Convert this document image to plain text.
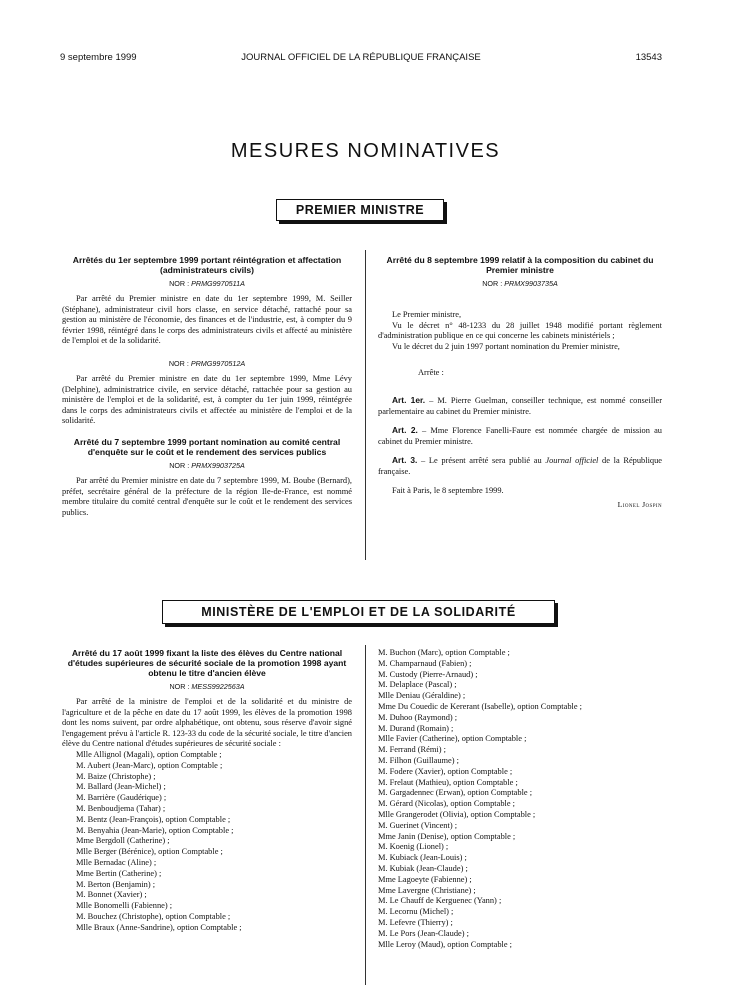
9 septembre 1999	JOURNAL OFFICIEL DE LA RÉPUBLIQUE FRANÇAISE	13543
MESURES NOMINATIVES
PREMIER MINISTRE
Arrêtés du 1er septembre 1999 portant réintégration et affectation (administrateurs civils)
NOR : PRMG9970511A

Par arrêté du Premier ministre en date du 1er septembre 1999, M. Seiller (Stéphane), administrateur civil hors classe, en service détaché, rattaché pour sa gestion au ministère de l'économie, des finances et de l'industrie, est, à compter du 9 février 1998, réintégré dans le corps des administrateurs civils et affecté au ministère de l'emploi et de la solidarité.

NOR : PRMG9970512A

Par arrêté du Premier ministre en date du 1er septembre 1999, Mme Lévy (Delphine), administratrice civile, en service détaché, rattachée pour sa gestion au ministère de l'emploi et de la solidarité, est, à compter du 1er juin 1999, réintégrée dans le corps des administrateurs civils et affectée au ministère de l'emploi et de la solidarité.

Arrêté du 7 septembre 1999 portant nomination au comité central d'enquête sur le coût et le rendement des services publics
NOR : PRMX9903725A

Par arrêté du Premier ministre en date du 7 septembre 1999, M. Boube (Bernard), préfet, secrétaire général de la préfecture de la région Ile-de-France, est nommé membre titulaire du comité central d'enquête sur le coût et le rendement des services publics.

Arrêté du 8 septembre 1999 relatif à la composition du cabinet du Premier ministre
NOR : PRMX9903735A

Le Premier ministre,

Vu le décret n° 48-1233 du 28 juillet 1948 modifié portant règlement d'administration publique en ce qui concerne les cabinets ministériels ;

Vu le décret du 2 juin 1997 portant nomination du Premier ministre,

Arrête :

Art. 1er. – M. Pierre Guelman, conseiller technique, est nommé conseiller parlementaire au cabinet du Premier ministre.

Art. 2. – Mme Florence Fanelli-Faure est nommée chargée de mission au cabinet du Premier ministre.

Art. 3. – Le présent arrêté sera publié au Journal officiel de la République française.

Fait à Paris, le 8 septembre 1999.

Lionel Jospin
MINISTÈRE DE L'EMPLOI ET DE LA SOLIDARITÉ
Arrêté du 17 août 1999 fixant la liste des élèves du Centre national d'études supérieures de sécurité sociale de la promotion 1998 ayant obtenu le titre d'ancien élève
NOR : MESS9922563A

Par arrêté de la ministre de l'emploi et de la solidarité et du ministre de l'agriculture et de la pêche en date du 17 août 1999, les élèves de la promotion 1998 dont les noms suivent, par ordre alphabétique, ont obtenu, sous réserve d'avoir signé l'engagement prévu à l'article R. 123-33 du code de la sécurité sociale, le titre d'ancien élève du Centre national d'études supérieures de sécurité sociale :

Mlle Allignol (Magali), option Comptable ;
M. Aubert (Jean-Marc), option Comptable ;
M. Baize (Christophe) ;
M. Ballard (Jean-Michel) ;
M. Barrière (Gaudérique) ;
M. Benboudjema (Tahar) ;
M. Bentz (Jean-François), option Comptable ;
M. Benyahia (Jean-Marie), option Comptable ;
Mme Bergdoll (Catherine) ;
Mlle Berger (Bérénice), option Comptable ;
Mlle Bernadac (Aline) ;
Mme Bertin (Catherine) ;
M. Berton (Benjamin) ;
M. Bonnet (Xavier) ;
Mlle Bonomelli (Fabienne) ;
M. Bouchez (Christophe), option Comptable ;
Mlle Braux (Anne-Sandrine), option Comptable ;
M. Buchon (Marc), option Comptable ;
M. Champarnaud (Fabien) ;
M. Custody (Pierre-Arnaud) ;
M. Delaplace (Pascal) ;
Mlle Deniau (Géraldine) ;
Mme Du Couedic de Kererant (Isabelle), option Comptable ;
M. Duhoo (Raymond) ;
M. Durand (Romain) ;
Mlle Favier (Catherine), option Comptable ;
M. Ferrand (Rémi) ;
M. Filhon (Guillaume) ;
M. Fodere (Xavier), option Comptable ;
M. Frelaut (Mathieu), option Comptable ;
M. Gargadennec (Erwan), option Comptable ;
M. Gérard (Nicolas), option Comptable ;
Mlle Grangerodet (Olivia), option Comptable ;
M. Guerinet (Vincent) ;
Mme Janin (Denise), option Comptable ;
M. Koenig (Lionel) ;
M. Kubiack (Jean-Louis) ;
M. Kubiak (Jean-Claude) ;
Mme Lagoeyte (Fabienne) ;
Mme Lavergne (Christiane) ;
M. Le Chauff de Kerguenec (Yann) ;
M. Lecornu (Michel) ;
M. Lefevre (Thierry) ;
M. Le Pors (Jean-Claude) ;
Mlle Leroy (Maud), option Comptable ;
